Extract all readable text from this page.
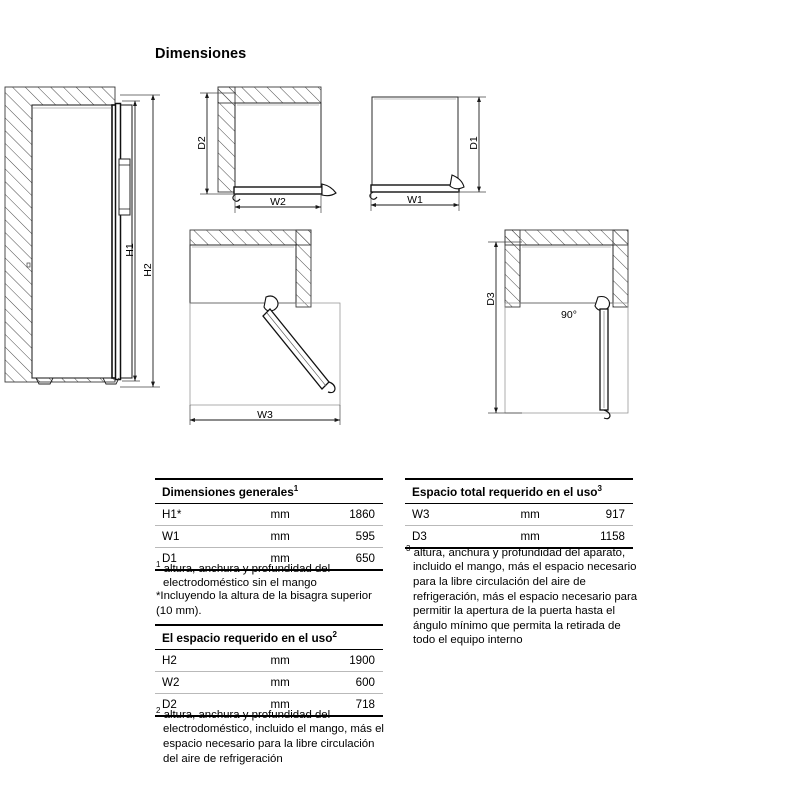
Dimensiones
H1
H2
D2
W2
D1
W1
W3
90°
D3
Dimensiones generales$^1$
H1*	mm	1860
W1	mm	595
D1	mm	650
$^1$ altura, anchura y profundidad del electrodoméstico sin el mango
*Incluyendo la altura de la bisagra superior (10 mm).
El espacio requerido en el uso$^2$
H2	mm	1900
W2	mm	600
D2	mm	718
$^2$ altura, anchura y profundidad del electrodoméstico, incluido el mango, más el espacio necesario para la libre circulación del aire de refrigeración
Espacio total requerido en el uso$^3$
W3	mm	917
D3	mm	1158
$^3$ altura, anchura y profundidad del aparato, incluido el mango, más el espacio necesario para la libre circulación del aire de refrigeración, más el espacio necesario para permitir la apertura de la puerta hasta el ángulo mínimo que permita la retirada de todo el equipo interno
